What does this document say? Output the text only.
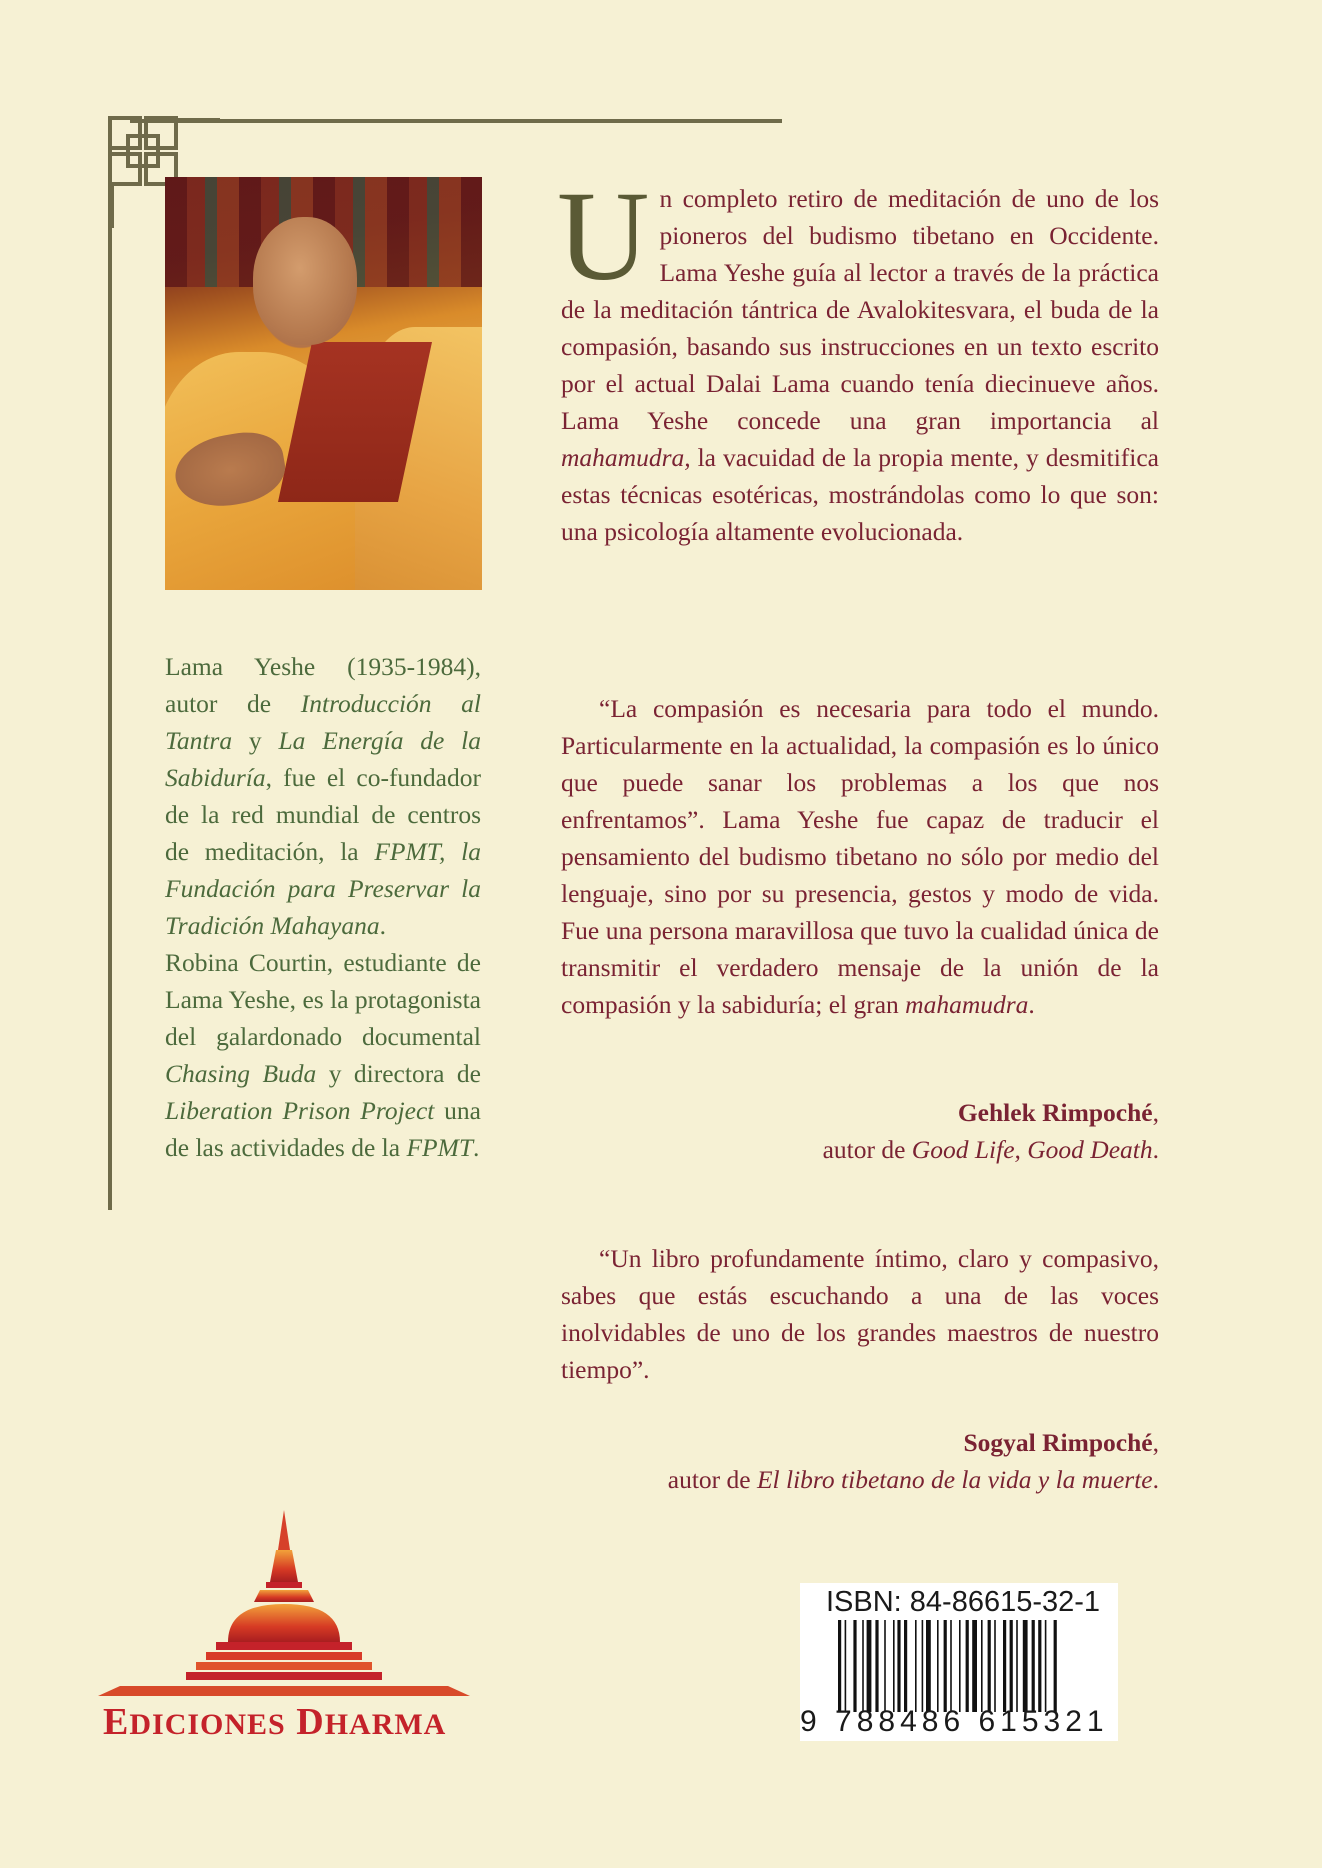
Lama Yeshe (1935-1984), autor de Introducción al Tantra y La Energía de la Sabiduría, fue el co-fundador de la red mundial de centros de meditación, la FPMT, la Fundación para Preservar la Tradición Mahayana.

Robina Courtin, estudiante de Lama Yeshe, es la protagonista del galardonado documental Chasing Buda y directora de Liberation Prison Project una de las actividades de la FPMT.

Un completo retiro de meditación de uno de los pioneros del budismo tibetano en Occidente. Lama Yeshe guía al lector a través de la práctica de la meditación tántrica de Avalokitesvara, el buda de la compasión, basando sus instrucciones en un texto escrito por el actual Dalai Lama cuando tenía diecinueve años. Lama Yeshe concede una gran importancia al mahamudra, la vacuidad de la propia mente, y desmitifica estas técnicas esotéricas, mostrándolas como lo que son: una psicología altamente evolucionada.

“La compasión es necesaria para todo el mundo. Particularmente en la actualidad, la compasión es lo único que puede sanar los problemas a los que nos enfrentamos”. Lama Yeshe fue capaz de traducir el pensamiento del budismo tibetano no sólo por medio del lenguaje, sino por su presencia, gestos y modo de vida. Fue una persona maravillosa que tuvo la cualidad única de transmitir el verdadero mensaje de la unión de la compasión y la sabiduría; el gran mahamudra.

Gehlek Rimpoché,
autor de Good Life, Good Death.

“Un libro profundamente íntimo, claro y compasivo, sabes que estás escuchando a una de las voces inolvidables de uno de los grandes maestros de nuestro tiempo”.

Sogyal Rimpoché,
autor de El libro tibetano de la vida y la muerte.
EDICIONES DHARMA
ISBN: 84-86615-32-1
9 788486 615321
